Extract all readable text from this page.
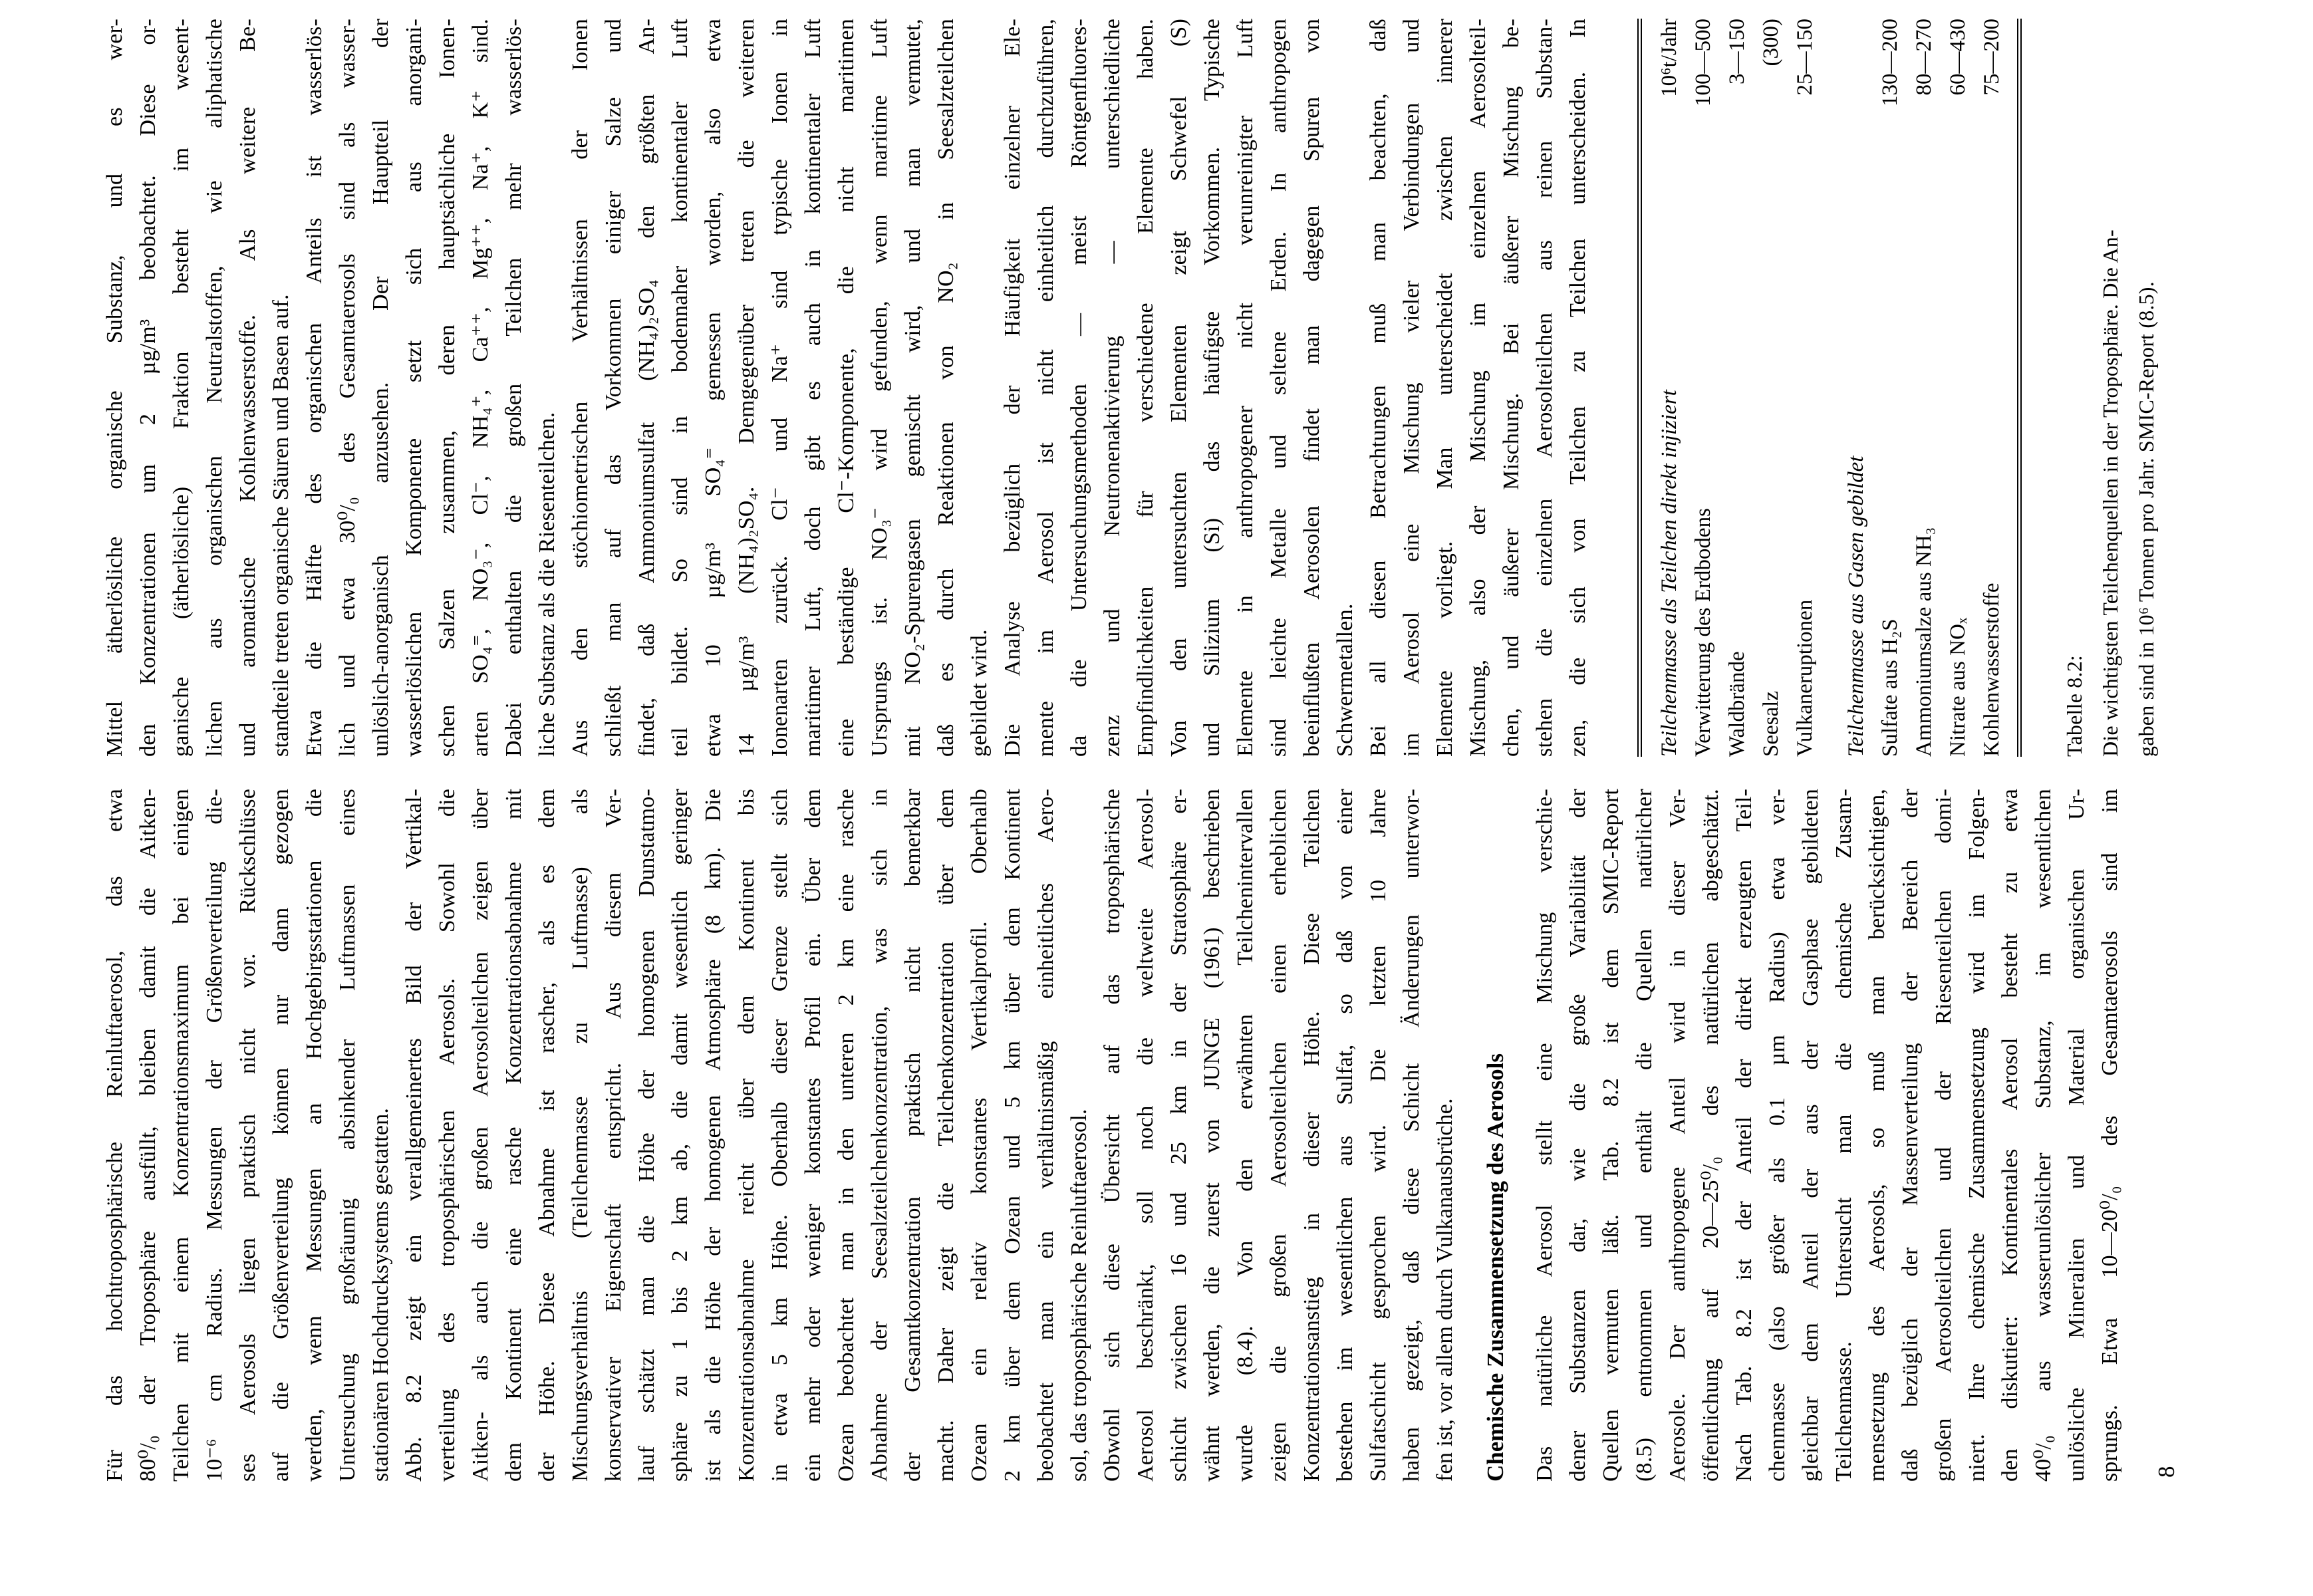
Für das hochtroposphärische Reinluftaerosol, das etwa 80⁰/₀ der Troposphäre ausfüllt, bleiben damit die Aitken- Teilchen mit einem Konzentrationsmaximum bei einigen 10⁻⁶ cm Radius. Messungen der Größenverteilung die- ses Aerosols liegen praktisch nicht vor. Rückschlüsse auf die Größenverteilung können nur dann gezogen werden, wenn Messungen an Hochgebirgsstationen die Untersuchung großräumig absinkender Luftmassen eines stationären Hochdrucksystems gestatten. Abb. 8.2 zeigt ein verallgemeinertes Bild der Vertikal- verteilung des troposphärischen Aerosols. Sowohl die Aitken- als auch die großen Aerosolteilchen zeigen über dem Kontinent eine rasche Konzentrationsabnahme mit der Höhe. Diese Abnahme ist rascher, als es dem Mischungsverhältnis (Teilchenmasse zu Luftmasse) als konservativer Eigenschaft entspricht. Aus diesem Ver- lauf schätzt man die Höhe der homogenen Dunstatmo- sphäre zu 1 bis 2 km ab, die damit wesentlich geringer ist als die Höhe der homogenen Atmosphäre (8 km). Die Konzentrationsabnahme reicht über dem Kontinent bis in etwa 5 km Höhe. Oberhalb dieser Grenze stellt sich ein mehr oder weniger konstantes Profil ein. Über dem Ozean beobachtet man in den unteren 2 km eine rasche Abnahme der Seesalzteilchenkonzentration, was sich in der Gesamtkonzentration praktisch nicht bemerkbar macht. Daher zeigt die Teilchenkonzentration über dem Ozean ein relativ konstantes Vertikalprofil. Oberhalb 2 km über dem Ozean und 5 km über dem Kontinent beobachtet man ein verhältnismäßig einheitliches Aero- sol, das troposphärische Reinluftaerosol. Obwohl sich diese Übersicht auf das troposphärische Aerosol beschränkt, soll noch die weltweite Aerosol- schicht zwischen 16 und 25 km in der Stratosphäre er- wähnt werden, die zuerst von JUNGE (1961) beschrieben wurde (8.4). Von den erwähnten Teilchenintervallen zeigen die großen Aerosolteilchen einen erheblichen Konzentrationsanstieg in dieser Höhe. Diese Teilchen bestehen im wesentlichen aus Sulfat, so daß von einer Sulfatschicht gesprochen wird. Die letzten 10 Jahre haben gezeigt, daß diese Schicht Änderungen unterwor- fen ist, vor allem durch Vulkanausbrüche. Chemische Zusammensetzung des Aerosols Das natürliche Aerosol stellt eine Mischung verschie- dener Substanzen dar, wie die große Variabilität der Quellen vermuten läßt. Tab. 8.2 ist dem SMIC-Report (8.5) entnommen und enthält die Quellen natürlicher Aerosole. Der anthropogene Anteil wird in dieser Ver- öffentlichung auf 20—25⁰/₀ des natürlichen abgeschätzt. Nach Tab. 8.2 ist der Anteil der direkt erzeugten Teil- chenmasse (also größer als 0.1 µm Radius) etwa ver- gleichbar dem Anteil der aus der Gasphase gebildeten Teilchenmasse. Untersucht man die chemische Zusam- mensetzung des Aerosols, so muß man berücksichtigen, daß bezüglich der Massenverteilung der Bereich der großen Aerosolteilchen und der Riesenteilchen domi- niert. Ihre chemische Zusammensetzung wird im Folgen- den diskutiert: Kontinentales Aerosol besteht zu etwa 40⁰/₀ aus wasserunlöslicher Substanz, im wesentlichen unlösliche Mineralien und Material organischen Ur- sprungs. Etwa 10—20⁰/₀ des Gesamtaerosols sind im
Mittel ätherlösliche organische Substanz, und es wer- den Konzentrationen um 2 µg/m³ beobachtet. Diese or- ganische (ätherlösliche) Fraktion besteht im wesent- lichen aus organischen Neutralstoffen, wie aliphatische und aromatische Kohlenwasserstoffe. Als weitere Be- standteile treten organische Säuren und Basen auf. Etwa die Hälfte des organischen Anteils ist wasserlös- lich und etwa 30⁰/₀ des Gesamtaerosols sind als wasser- unlöslich-anorganisch anzusehen. Der Hauptteil der wasserlöslichen Komponente setzt sich aus anorgani- schen Salzen zusammen, deren hauptsächliche Ionen- arten SO₄⁼, NO₃⁻, Cl⁻, NH₄⁺, Ca⁺⁺, Mg⁺⁺, Na⁺, K⁺ sind. Dabei enthalten die großen Teilchen mehr wasserlös- liche Substanz als die Riesenteilchen. Aus den stöchiometrischen Verhältnissen der Ionen schließt man auf das Vorkommen einiger Salze und findet, daß Ammoniumsulfat (NH₄)₂SO₄ den größten An- teil bildet. So sind in bodennaher kontinentaler Luft etwa 10 µg/m³ SO₄⁼ gemessen worden, also etwa 14 µg/m³ (NH₄)₂SO₄. Demgegenüber treten die weiteren Ionenarten zurück. Cl⁻ und Na⁺ sind typische Ionen in maritimer Luft, doch gibt es auch in kontinentaler Luft eine beständige Cl⁻-Komponente, die nicht maritimen Ursprungs ist. NO₃⁻ wird gefunden, wenn maritime Luft mit NO₂-Spurengasen gemischt wird, und man vermutet, daß es durch Reaktionen von NO₂ in Seesalzteilchen gebildet wird. Die Analyse bezüglich der Häufigkeit einzelner Ele- mente im Aerosol ist nicht einheitlich durchzuführen, da die Untersuchungsmethoden — meist Röntgenfluores- zenz und Neutronenaktivierung — unterschiedliche Empfindlichkeiten für verschiedene Elemente haben. Von den untersuchten Elementen zeigt Schwefel (S) und Silizium (Si) das häufigste Vorkommen. Typische Elemente in anthropogener nicht verunreinigter Luft sind leichte Metalle und seltene Erden. In anthropogen beeinflußten Aerosolen findet man dagegen Spuren von Schwermetallen. Bei all diesen Betrachtungen muß man beachten, daß im Aerosol eine Mischung vieler Verbindungen und Elemente vorliegt. Man unterscheidet zwischen innerer Mischung, also der Mischung im einzelnen Aerosolteil- chen, und äußerer Mischung. Bei äußerer Mischung be- stehen die einzelnen Aerosolteilchen aus reinen Substan- zen, die sich von Teilchen zu Teilchen unterscheiden. In	Teilchenmasse als Teilchen direkt injiziert
10⁶t/Jahr
Verwitterung des Erdbodens
100—500
Waldbrände
3—150
Seesalz
(300)
Vulkaneruptionen
25—150
Teilchenmasse aus Gasen gebildet Sulfate aus H₂S
130—200
Ammoniumsalze aus NH₃
80—270
Nitrate aus NOₓ
60—430
Kohlenwasserstoffe
75—200
Tabelle 8.2: Die wichtigsten Teilchenquellen in der Troposphäre. Die An- gaben sind in 10⁶ Tonnen pro Jahr. SMIC-Report (8.5).
8
